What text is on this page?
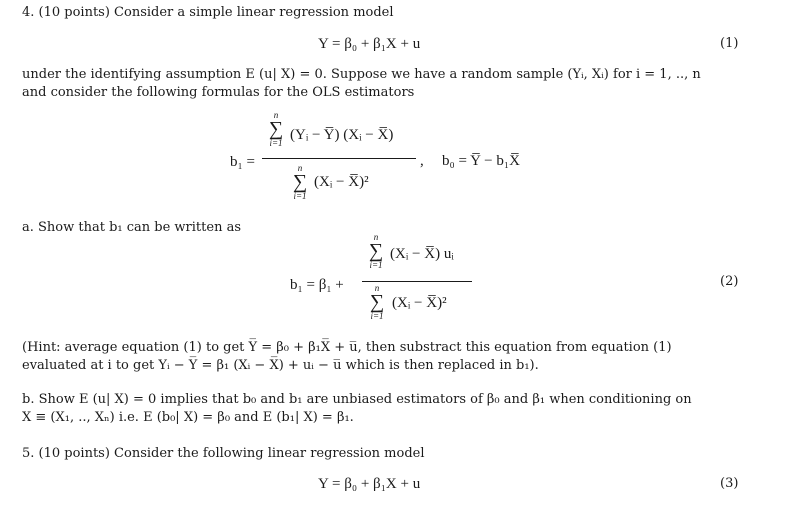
4. (10 points) Consider a simple linear regression model
Y = β₀ + β₁X + u	(1)
under the identifying assumption E (u| X) = 0. Suppose we have a random sample (Yᵢ, Xᵢ) for i = 1, .., n
and consider the following formulas for the OLS estimators
b₁ =
n
∑
i=1 (Yᵢ − Y̅) (Xᵢ − X̅)
n
∑
i=1
(Xᵢ − X̅)²
, b₀ = Y̅ − b₁X̅
a. Show that b₁ can be written as
b₁ = β₁ +
n
∑
i=1
(Xᵢ − X̅) uᵢ
n
∑
i=1
(Xᵢ − X̅)²
(2)
(Hint: average equation (1) to get Y̅ = β₀ + β₁X̅ + u̅, then substract this equation from equation (1)
evaluated at i to get Yᵢ − Y̅ = β₁ (Xᵢ − X̅) + uᵢ − u̅ which is then replaced in b₁).
b. Show E (u| X) = 0 implies that b₀ and b₁ are unbiased estimators of β₀ and β₁ when conditioning on
X ≡ (X₁, .., Xₙ) i.e. E (b₀| X) = β₀ and E (b₁| X) = β₁.
5. (10 points) Consider the following linear regression model
Y = β₀ + β₁X + u	(3)
